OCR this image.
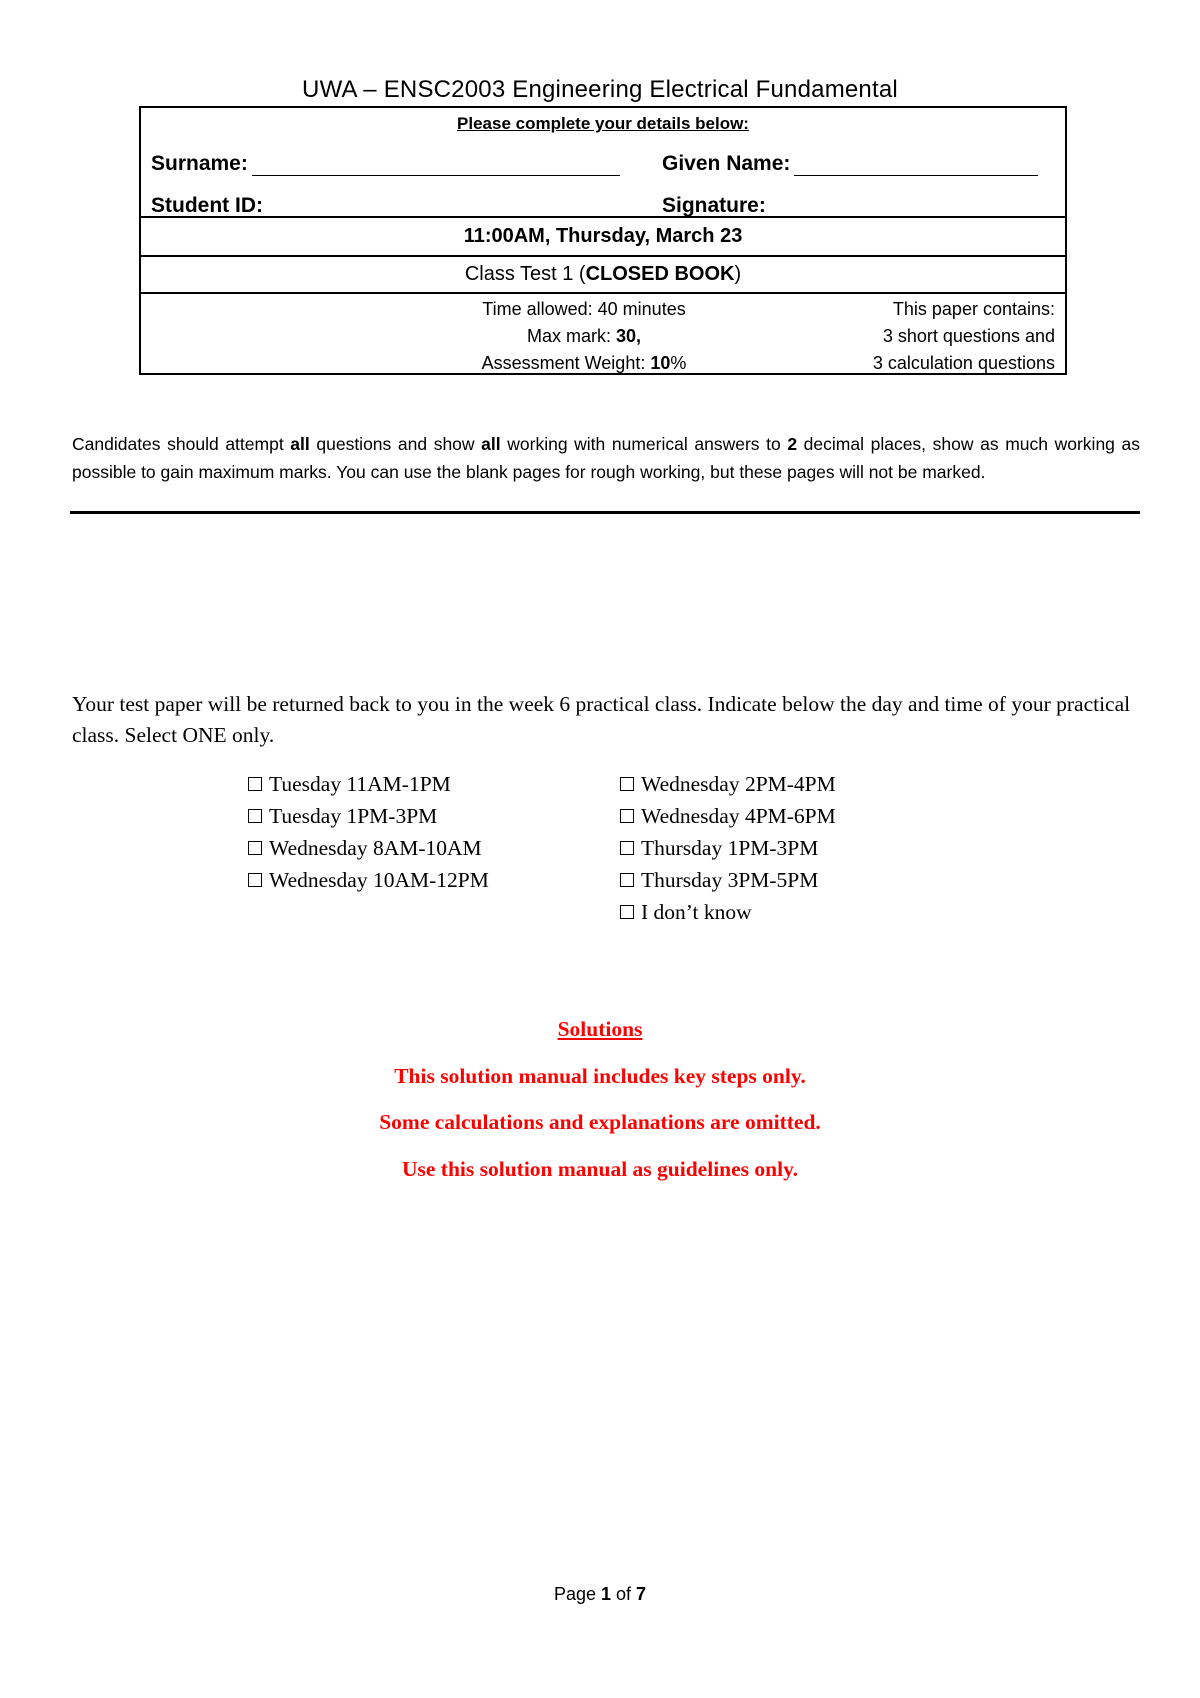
UWA – ENSC2003 Engineering Electrical Fundamental
Please complete your details below:
Surname:	Given Name:
Student ID:	Signature:
11:00AM, Thursday, March 23
Class Test 1 (CLOSED BOOK)
Time allowed: 40 minutes
Max mark: 30,
Assessment Weight: 10%
This paper contains:
3 short questions and
3 calculation questions
Candidates should attempt all questions and show all working with numerical answers to 2 decimal places, show as much working as possible to gain maximum marks. You can use the blank pages for rough working, but these pages will not be marked.
Your test paper will be returned back to you in the week 6 practical class. Indicate below the day and time of your practical class. Select ONE only.
Tuesday 11AM-1PM
Tuesday 1PM-3PM
Wednesday 8AM-10AM
Wednesday 10AM-12PM
Wednesday 2PM-4PM
Wednesday 4PM-6PM
Thursday 1PM-3PM
Thursday 3PM-5PM
I don’t know
Solutions
This solution manual includes key steps only.
Some calculations and explanations are omitted.
Use this solution manual as guidelines only.
Page 1 of 7
